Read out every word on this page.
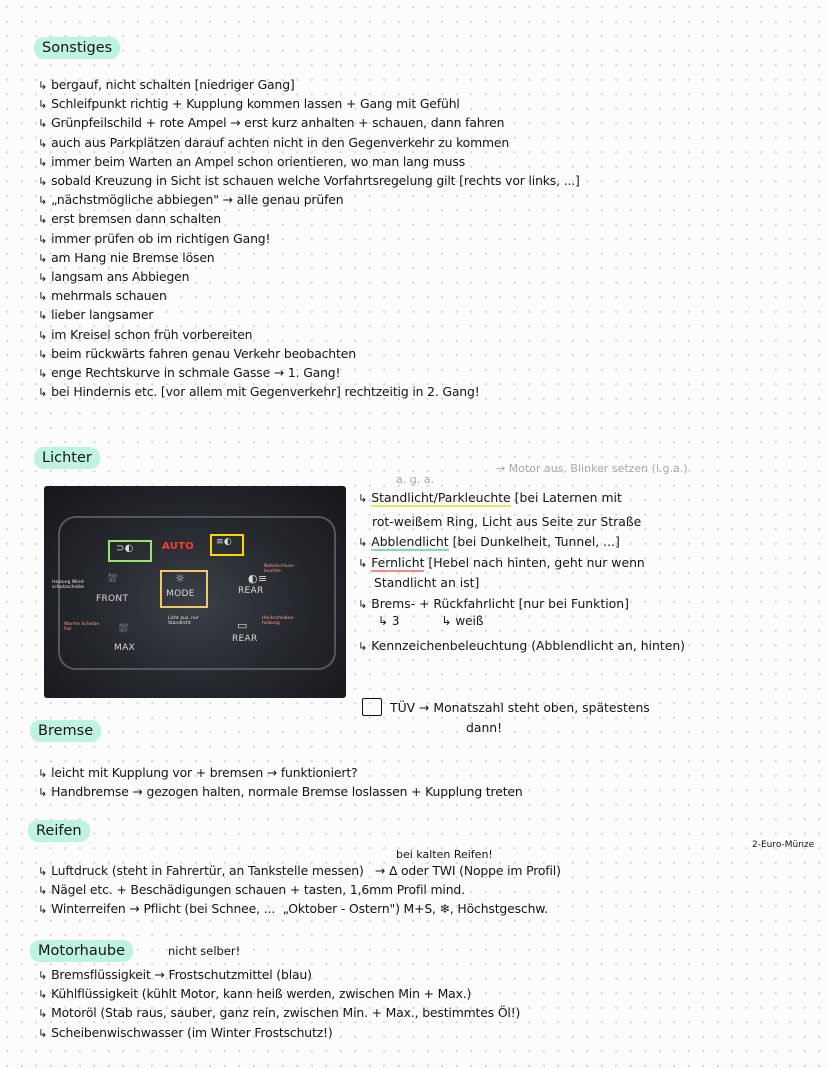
Sonstiges
↳ bergauf, nicht schalten [niedriger Gang]
↳ Schleifpunkt richtig + Kupplung kommen lassen + Gang mit Gefühl
↳ Grünpfeilschild + rote Ampel → erst kurz anhalten + schauen, dann fahren
↳ auch aus Parkplätzen darauf achten nicht in den Gegenverkehr zu kommen
↳ immer beim Warten an Ampel schon orientieren, wo man lang muss
↳ sobald Kreuzung in Sicht ist schauen welche Vorfahrtsregelung gilt [rechts vor links, ...]
↳ „nächstmögliche abbiegen" → alle genau prüfen
↳ erst bremsen dann schalten
↳ immer prüfen ob im richtigen Gang!
↳ am Hang nie Bremse lösen
↳ langsam ans Abbiegen
↳ mehrmals schauen
↳ lieber langsamer
↳ im Kreisel schon früh vorbereiten
↳ beim rückwärts fahren genau Verkehr beobachten
↳ enge Rechtskurve in schmale Gasse → 1. Gang!
↳ bei Hindernis etc. [vor allem mit Gegenverkehr] rechtzeitig in 2. Gang!
Lichter
a. g. a.
→ Motor aus, Blinker setzen (i.g.a.)
⊃◐	AUTO ≡◐
⛆
FRONT
☼
MODE
◐≡
REAR
⛆
MAX
▭
REAR
Heizung Windschutzscheibe
Nebelschlussleuchte
Warme Scheibe frei
Licht aus, nur Standlicht
Heckscheibenheizung
↳ Standlicht/Parkleuchte [bei Laternen mit
rot-weißem Ring, Licht aus Seite zur Straße
↳ Abblendlicht [bei Dunkelheit, Tunnel, ...]
↳ Fernlicht [Hebel nach hinten, geht nur wenn
Standlicht an ist]
↳ Brems- + Rückfahrlicht [nur bei Funktion]
↳ 3           ↳ weiß
↳ Kennzeichenbeleuchtung (Abblendlicht an, hinten)
TÜV → Monatszahl steht oben, spätestens
dann!
Bremse
↳ leicht mit Kupplung vor + bremsen → funktioniert?
↳ Handbremse → gezogen halten, normale Bremse loslassen + Kupplung treten
Reifen
bei kalten Reifen!
2-Euro-Münze
↳ Luftdruck (steht in Fahrertür, an Tankstelle messen)   → ∆ oder TWI (Noppe im Profil)
↳ Nägel etc. + Beschädigungen schauen + tasten, 1,6mm Profil mind.
↳ Winterreifen → Pflicht (bei Schnee, ...  „Oktober - Ostern") M+S, ❄, Höchstgeschw.
Motorhaube	nicht selber!
↳ Bremsflüssigkeit → Frostschutzmittel (blau)
↳ Kühlflüssigkeit (kühlt Motor, kann heiß werden, zwischen Min + Max.)
↳ Motoröl (Stab raus, sauber, ganz rein, zwischen Min. + Max., bestimmtes Öl!)
↳ Scheibenwischwasser (im Winter Frostschutz!)
